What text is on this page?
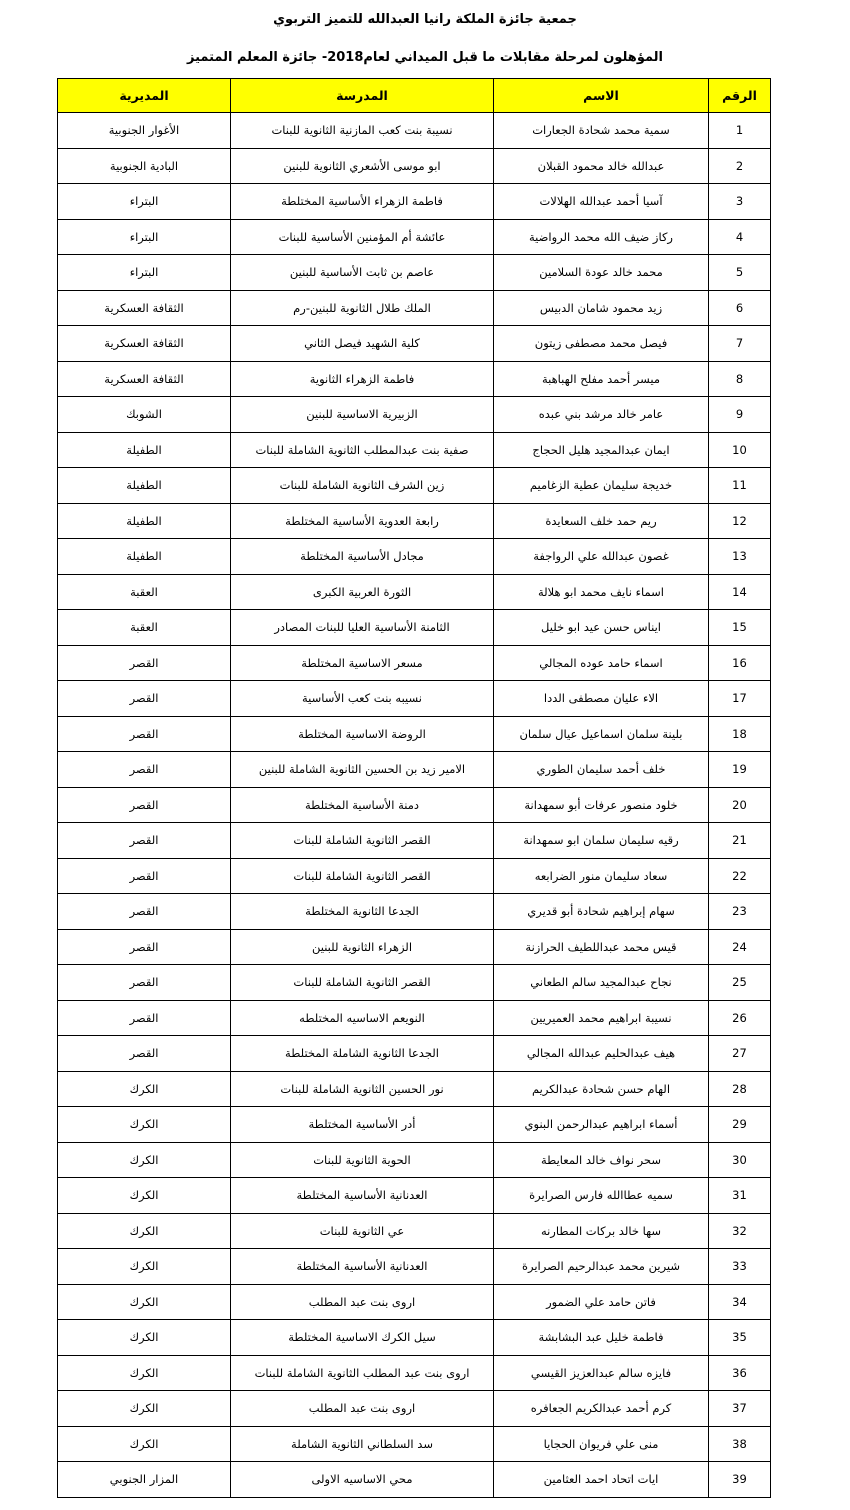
جمعية جائزة الملكة رانيا العبدالله للتميز التربوي
المؤهلون لمرحلة مقابلات ما قبل الميداني لعام2018- جائزة المعلم المتميز
الرقم	الاسم	المدرسة	المديرية
1	سمية محمد شحادة الجعارات	نسيبة بنت كعب المازنية الثانوية للبنات	الأغوار الجنوبية
2	عبدالله خالد محمود القبلان	ابو موسى الأشعري الثانوية للبنين	البادية الجنوبية
3	آسيا أحمد عبدالله الهلالات	فاطمة الزهراء الأساسية المختلطة	البتراء
4	ركاز ضيف الله محمد الرواضية	عائشة أم المؤمنين الأساسية للبنات	البتراء
5	محمد خالد عودة السلامين	عاصم بن ثابت الأساسية للبنين	البتراء
6	زيد محمود شامان الدبيس	الملك طلال الثانوية للبنين-رم	الثقافة العسكرية
7	فيصل محمد مصطفى زيتون	كلية الشهيد فيصل الثاني	الثقافة العسكرية
8	ميسر أحمد مفلح الهباهبة	فاطمة الزهراء الثانوية	الثقافة العسكرية
9	عامر خالد مرشد بني عبده	الزبيرية الاساسية للبنين	الشوبك
10	ايمان عبدالمجيد هليل الحجاج	صفية بنت عبدالمطلب الثانوية الشاملة للبنات	الطفيلة
11	خديجة سليمان عطية الزغاميم	زين الشرف الثانوية الشاملة للبنات	الطفيلة
12	ريم حمد خلف السعايدة	رابعة العدوية الأساسية المختلطة	الطفيلة
13	غصون عبدالله علي الرواجفة	مجادل الأساسية المختلطة	الطفيلة
14	اسماء نايف محمد ابو هلالة	الثورة العربية الكبرى	العقبة
15	ايناس حسن عيد ابو خليل	الثامنة الأساسية العليا للبنات المصادر	العقبة
16	اسماء حامد عوده المجالي	مسعر الاساسية المختلطة	القصر
17	الاء عليان مصطفى الددا	نسيبه بنت كعب الأساسية	القصر
18	بلينة سلمان اسماعيل عيال سلمان	الروضة الاساسية المختلطة	القصر
19	خلف أحمد سليمان الطوري	الامير زيد بن الحسين الثانوية الشاملة للبنين	القصر
20	خلود منصور عرفات أبو سمهدانة	دمنة الأساسية المختلطة	القصر
21	رقيه سليمان سلمان ابو سمهدانة	القصر الثانوية الشاملة للبنات	القصر
22	سعاد سليمان منور الضرابعه	القصر الثانوية الشاملة للبنات	القصر
23	سهام إبراهيم شحادة أبو قديري	الجدعا الثانوية المختلطة	القصر
24	قيس محمد عبداللطيف الحرازنة	الزهراء الثانوية للبنين	القصر
25	نجاح عبدالمجيد سالم الطعاني	القصر الثانوية الشاملة للبنات	القصر
26	نسيبة ابراهيم محمد العميريين	النويعم الاساسيه المختلطه	القصر
27	هيف عبدالحليم عبدالله المجالي	الجدعا الثانوية الشاملة المختلطة	القصر
28	الهام حسن شحادة عبدالكريم	نور الحسين الثانوية الشاملة للبنات	الكرك
29	أسماء ابراهيم عبدالرحمن البنوي	أدر الأساسية المختلطة	الكرك
30	سحر نواف خالد المعايطة	الحوية الثانوية للبنات	الكرك
31	سميه عطاالله فارس الصرايرة	العدنانية الأساسية المختلطة	الكرك
32	سها خالد بركات المطارنه	عي الثانوية للبنات	الكرك
33	شيرين محمد عبدالرحيم الصرايرة	العدنانية الأساسية المختلطة	الكرك
34	فاتن حامد علي الضمور	اروى بنت عبد المطلب	الكرك
35	فاطمة خليل عبد البشابشة	سيل الكرك الاساسية المختلطة	الكرك
36	فايزه سالم عبدالعزيز القيسي	اروى بنت عبد المطلب الثانوية الشاملة للبنات	الكرك
37	كرم أحمد عبدالكريم الجعافره	اروى بنت عبد المطلب	الكرك
38	منى علي فريوان الحجايا	سد السلطاني الثانوية الشاملة	الكرك
39	ايات اتحاد احمد العثامين	محي الاساسيه الاولى	المزار الجنوبي
